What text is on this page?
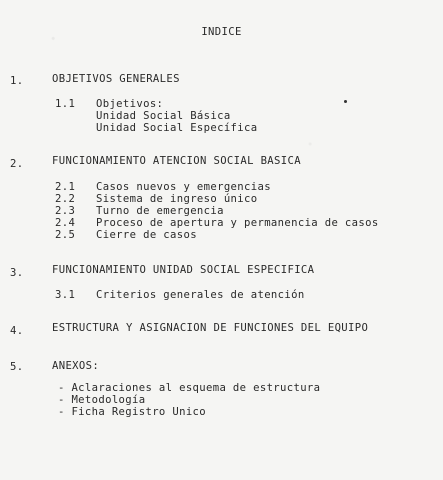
INDICE
1.	OBJETIVOS GENERALES
1.1 Objetivos:
Unidad Social Básica
Unidad Social Específica
2.	FUNCIONAMIENTO ATENCION SOCIAL BASICA
2.1 Casos nuevos y emergencias
2.2 Sistema de ingreso único
2.3 Turno de emergencia
2.4 Proceso de apertura y permanencia de casos
2.5 Cierre de casos
3.	FUNCIONAMIENTO UNIDAD SOCIAL ESPECIFICA
3.1 Criterios generales de atención
4.	ESTRUCTURA Y ASIGNACION DE FUNCIONES DEL EQUIPO
5.	ANEXOS:
- Aclaraciones al esquema de estructura
- Metodología
- Ficha Registro Unico
